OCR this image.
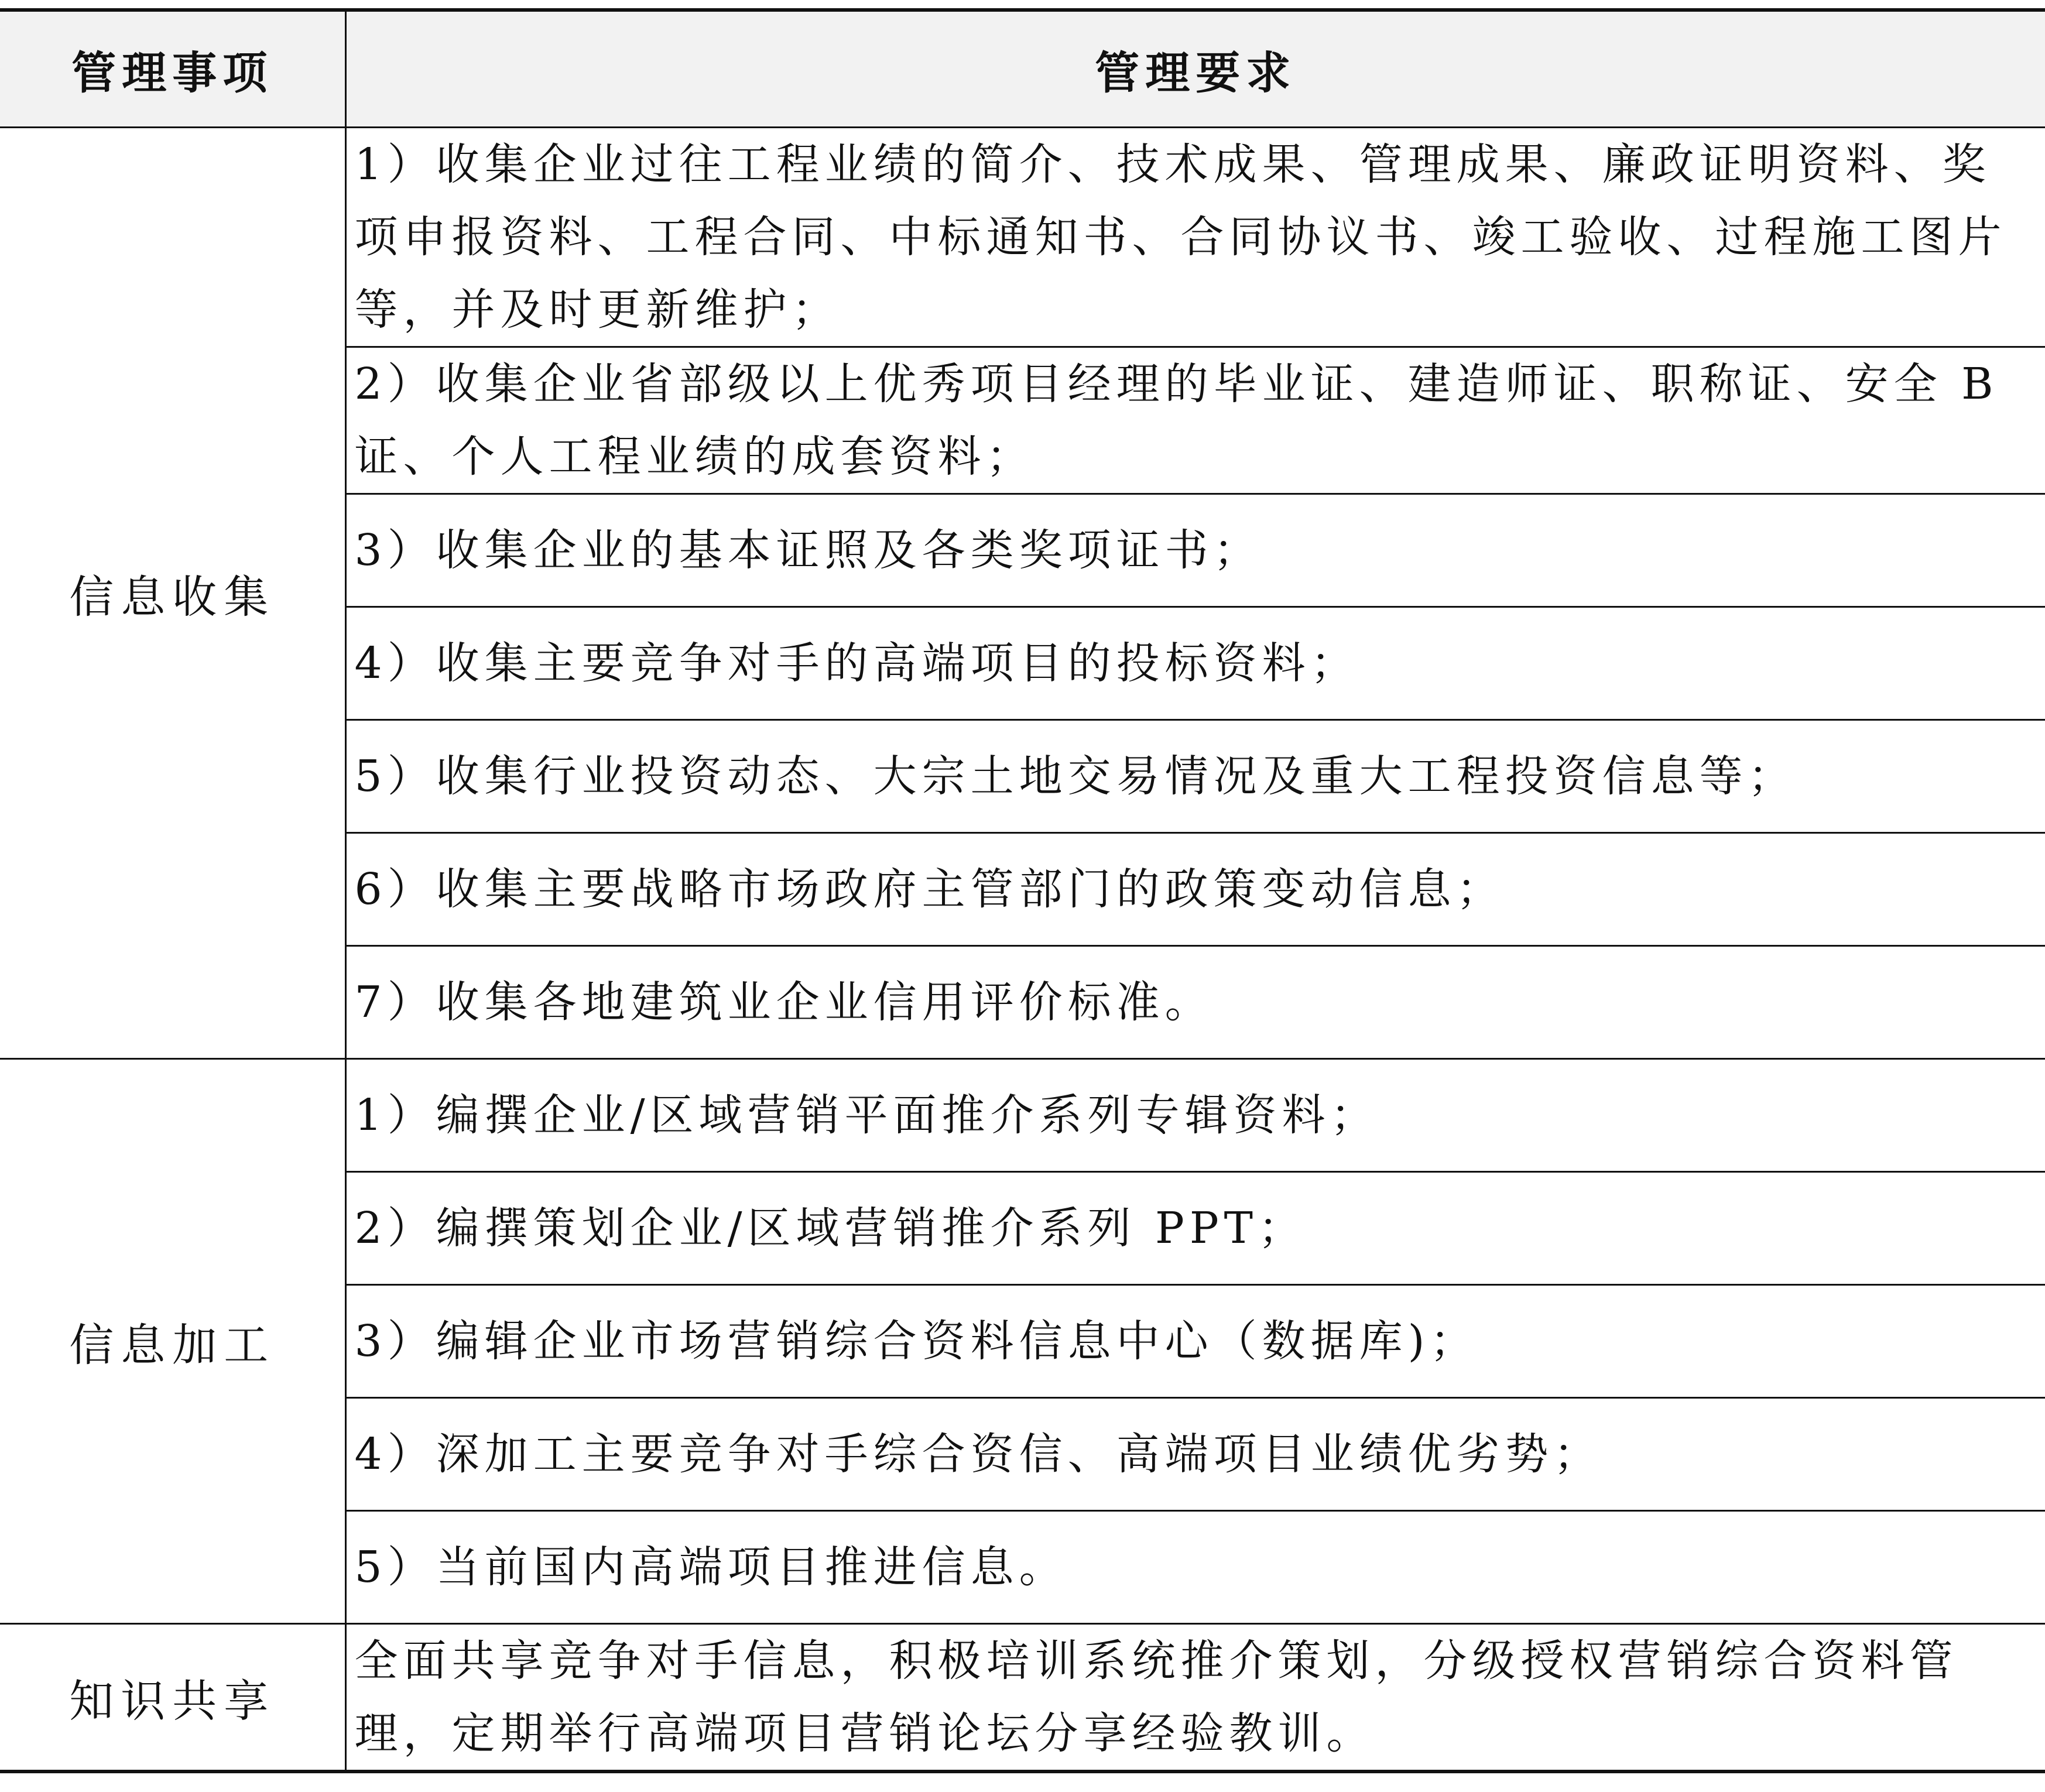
管理事项	管理要求
信息收集	1）收集企业过往工程业绩的简介、技术成果、管理成果、廉政证明资料、奖项申报资料、工程合同、中标通知书、合同协议书、竣工验收、过程施工图片等，并及时更新维护；
	2）收集企业省部级以上优秀项目经理的毕业证、建造师证、职称证、安全 B 证、个人工程业绩的成套资料；
	3）收集企业的基本证照及各类奖项证书；
	4）收集主要竞争对手的高端项目的投标资料；
	5）收集行业投资动态、大宗土地交易情况及重大工程投资信息等；
	6）收集主要战略市场政府主管部门的政策变动信息；
	7）收集各地建筑业企业信用评价标准。
信息加工	1）编撰企业/区域营销平面推介系列专辑资料；
	2）编撰策划企业/区域营销推介系列 PPT；
	3）编辑企业市场营销综合资料信息中心（数据库)；
	4）深加工主要竞争对手综合资信、高端项目业绩优劣势；
	5）当前国内高端项目推进信息。
知识共享	全面共享竞争对手信息，积极培训系统推介策划，分级授权营销综合资料管理，定期举行高端项目营销论坛分享经验教训。
